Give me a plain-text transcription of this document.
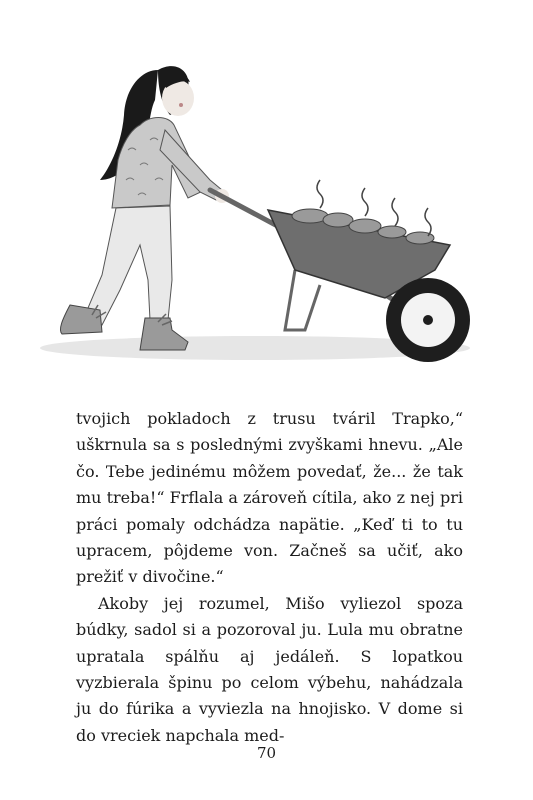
tvojich pokladoch z trusu tváril Trapko,“ uškrnula sa s poslednými zvyškami hnevu. „Ale čo. Tebe jedinému môžem povedať, že... že tak mu treba!“ Frflala a zároveň cítila, ako z nej pri práci pomaly odchádza napätie. „Keď ti to tu upracem, pôjdeme von. Začneš sa učiť, ako prežiť v divočine.“

Akoby jej rozumel, Mišo vyliezol spoza búdky, sadol si a pozoroval ju. Lula mu obratne upratala spálňu aj jedáleň. S lopatkou vyzbierala špinu po celom výbehu, nahádzala ju do fúrika a vyviezla na hnojisko. V dome si do vreciek napchala med-

70
